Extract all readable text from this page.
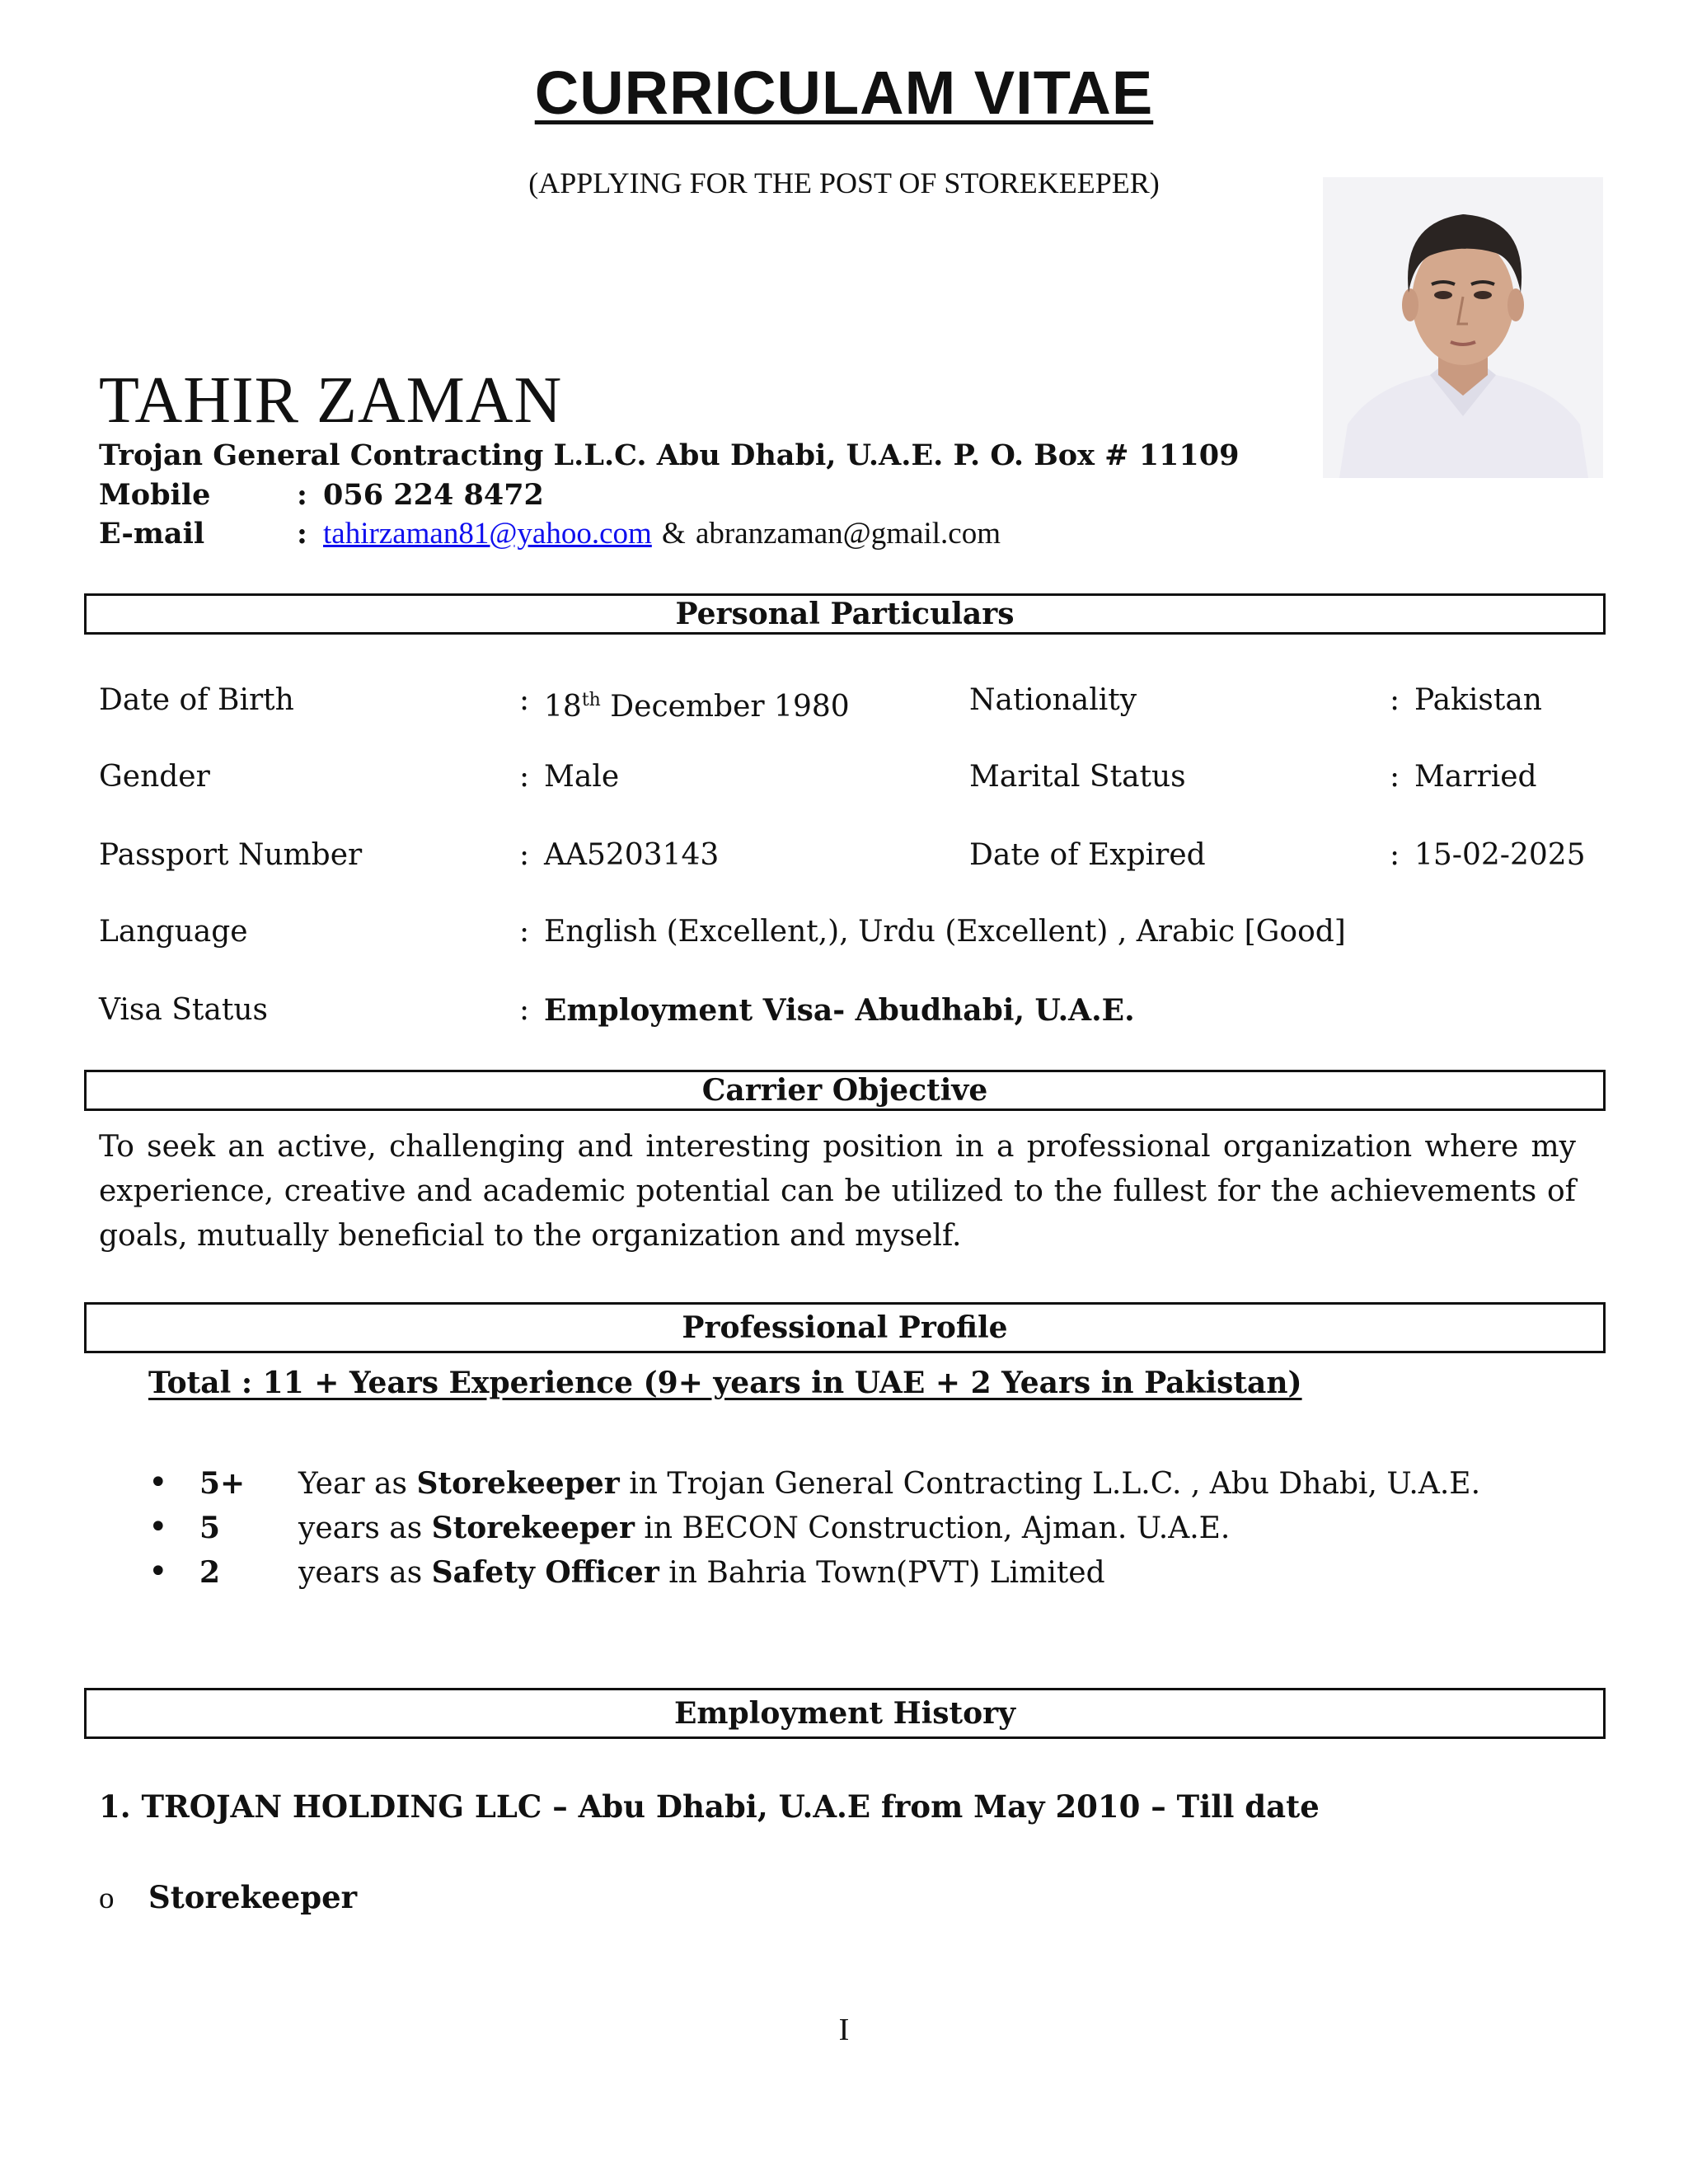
CURRICULAM VITAE
(APPLYING FOR THE POST OF STOREKEEPER)
TAHIR ZAMAN
Trojan General Contracting L.L.C. Abu Dhabi, U.A.E. P. O. Box # 11109
Mobile	: 056 224 8472
E-mail	: tahirzaman81@yahoo.com & abranzaman@gmail.com
Personal Particulars
Date of Birth	: 18th December 1980	Nationality	: Pakistan
Gender	: Male	Marital Status	: Married
Passport Number	: AA5203143	Date of Expired	: 15-02-2025
Language	: English (Excellent,), Urdu (Excellent) , Arabic [Good]
Visa Status	: Employment Visa- Abudhabi, U.A.E.
Carrier Objective
To seek an active, challenging and interesting position in a professional organization where my experience, creative and academic potential can be utilized to the fullest for the achievements of goals, mutually beneficial to the organization and myself.
Professional Profile
Total : 11 + Years Experience (9+ years in UAE + 2 Years in Pakistan)
• 5+ Year as Storekeeper in Trojan General Contracting L.L.C. , Abu Dhabi, U.A.E.
• 5	years as Storekeeper in BECON Construction, Ajman. U.A.E.
• 2	years as Safety Officer in Bahria Town(PVT) Limited
Employment History
1. TROJAN HOLDING LLC – Abu Dhabi, U.A.E from May 2010 – Till date
o Storekeeper
I
